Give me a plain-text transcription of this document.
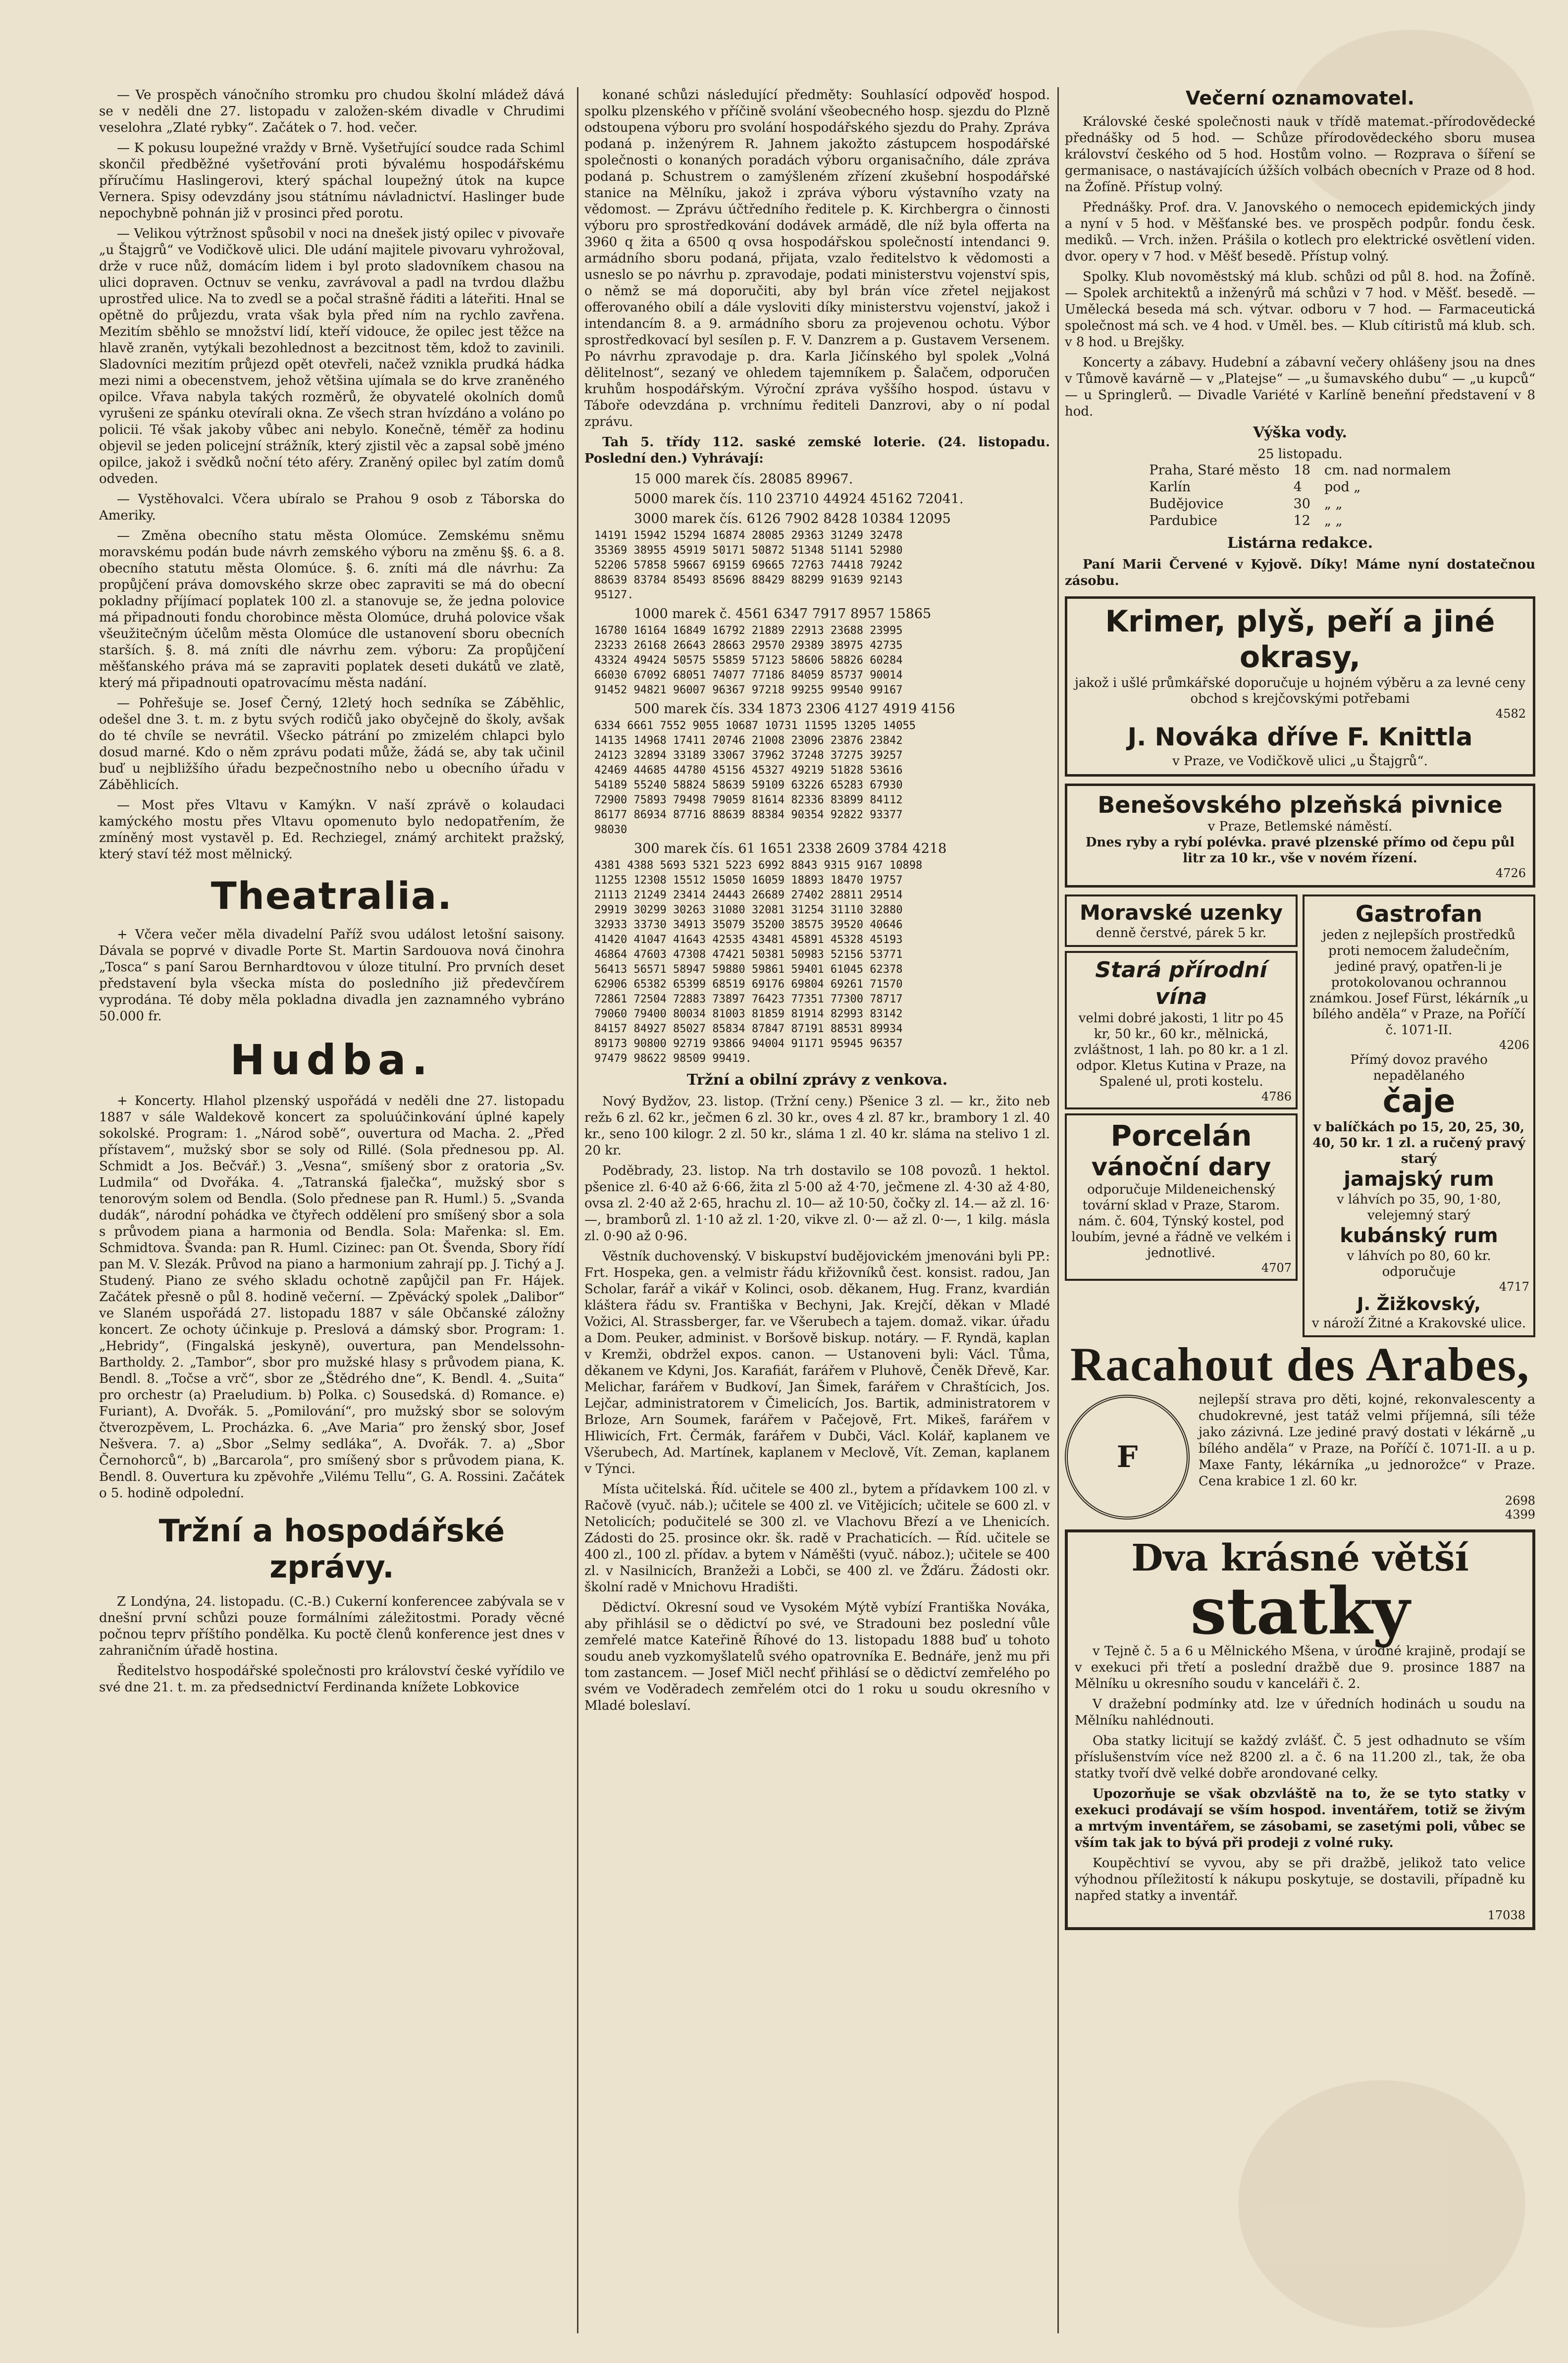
— Ve prospěch vánočního stromku pro chudou školní mládež dává se v neděli dne 27. listopadu v založen-ském divadle v Chrudimi veselohra „Zlaté rybky“. Začátek o 7. hod. večer.

— K pokusu loupežné vraždy v Brně. Vyšetřující soudce rada Schiml skončil předběžné vyšetřování proti bývalému hospodářskému příručímu Haslingerovi, který spáchal loupežný útok na kupce Vernera. Spisy odevzdány jsou státnímu návladnictví. Haslinger bude nepochybně pohnán již v prosinci před porotu.

— Velikou výtržnost spůsobil v noci na dnešek jistý opilec v pivovaře „u Štajgrů“ ve Vodičkově ulici. Dle udání majitele pivovaru vyhrožoval, drže v ruce nůž, domácím lidem i byl proto sladovníkem chasou na ulici dopraven. Octnuv se venku, zavrávoval a padl na tvrdou dlažbu uprostřed ulice. Na to zvedl se a počal strašně řáditi a láteřiti. Hnal se opětně do průjezdu, vrata však byla před ním na rychlo zavřena. Mezitím sběhlo se množství lidí, kteří vidouce, že opilec jest těžce na hlavě zraněn, vytýkali bezohlednost a bezcitnost těm, kdož to zavinili. Sladovníci mezitím průjezd opět otevřeli, načež vznikla prudká hádka mezi nimi a obecenstvem, jehož většina ujímala se do krve zraněného opilce. Vřava nabyla takých rozměrů, že obyvatelé okolních domů vyrušeni ze spánku otevírali okna. Ze všech stran hvízdáno a voláno po policii. Té však jakoby vůbec ani nebylo. Konečně, téměř za hodinu objevil se jeden policejní strážník, který zjistil věc a zapsal sobě jméno opilce, jakož i svědků noční této aféry. Zraněný opilec byl zatím domů odveden.

— Vystěhovalci. Včera ubíralo se Prahou 9 osob z Táborska do Ameriky.

— Změna obecního statu města Olomúce. Zemskému sněmu moravskému podán bude návrh zemského výboru na změnu §§. 6. a 8. obecního statutu města Olomúce. §. 6. zníti má dle návrhu: Za propůjčení práva domovského skrze obec zapraviti se má do obecní pokladny příjímací poplatek 100 zl. a stanovuje se, že jedna polovice má připadnouti fondu chorobince města Olomúce, druhá polovice však všeužitečným účelům města Olomúce dle ustanovení sboru obecních starších. §. 8. má zníti dle návrhu zem. výboru: Za propůjčení měšťanského práva má se zapraviti poplatek deseti dukátů ve zlatě, který má připadnouti opatrovacímu města nadání.

— Pohřešuje se. Josef Černý, 12letý hoch sedníka se Záběhlic, odešel dne 3. t. m. z bytu svých rodičů jako obyčejně do školy, avšak do té chvíle se nevrátil. Všecko pátrání po zmizelém chlapci bylo dosud marné. Kdo o něm zprávu podati může, žádá se, aby tak učinil buď u nejbližšího úřadu bezpečnostního nebo u obecního úřadu v Záběhlicích.

— Most přes Vltavu v Kamýkn. V naší zprávě o kolaudaci kamýckého mostu přes Vltavu opomenuto bylo nedopatřením, že zmíněný most vystavěl p. Ed. Rechziegel, známý architekt pražský, který staví též most mělnický.

Theatralia.

+ Včera večer měla divadelní Paříž svou událost letošní saisony. Dávala se poprvé v divadle Porte St. Martin Sardouova nová činohra „Tosca“ s paní Sarou Bernhardtovou v úloze titulní. Pro prvních deset představení byla všecka místa do posledního již předevčírem vyprodána. Té doby měla pokladna divadla jen zaznamného vybráno 50.000 fr.

Hudba.

+ Koncerty. Hlahol plzenský uspořádá v neděli dne 27. listopadu 1887 v sále Waldekově koncert za spoluúčinkování úplné kapely sokolské. Program: 1. „Národ sobě“, ouvertura od Macha. 2. „Před přístavem“, mužský sbor se soly od Rillé. (Sola přednesou pp. Al. Schmidt a Jos. Bečvář.) 3. „Vesna“, smíšený sbor z oratoria „Sv. Ludmila“ od Dvořáka. 4. „Tatranská fjalečka“, mužský sbor s tenorovým solem od Bendla. (Solo přednese pan R. Huml.) 5. „Svanda dudák“, národní pohádka ve čtyřech oddělení pro smíšený sbor a sola s průvodem piana a harmonia od Bendla. Sola: Mařenka: sl. Em. Schmidtova. Švanda: pan R. Huml. Cizinec: pan Ot. Švenda, Sbory řídí pan M. V. Slezák. Průvod na piano a harmonium zahrají pp. J. Tichý a J. Studený. Piano ze svého skladu ochotně zapůjčil pan Fr. Hájek. Začátek přesně o půl 8. hodině večerní. — Zpěvácký spolek „Dalibor“ ve Slaném uspořádá 27. listopadu 1887 v sále Občanské záložny koncert. Ze ochoty účinkuje p. Preslová a dámský sbor. Program: 1. „Hebridy“, (Fingalská jeskyně), ouvertura, pan Mendelssohn-Bartholdy. 2. „Tambor“, sbor pro mužské hlasy s průvodem piana, K. Bendl. 8. „Točse a vrč“, sbor ze „Štědrého dne“, K. Bendl. 4. „Suita“ pro orchestr (a) Praeludium. b) Polka. c) Sousedská. d) Romance. e) Furiant), A. Dvořák. 5. „Pomilování“, pro mužský sbor se solovým čtverozpěvem, L. Procházka. 6. „Ave Maria“ pro ženský sbor, Josef Nešvera. 7. a) „Sbor „Selmy sedlákа“, A. Dvořák. 7. a) „Sbor Černohorců“, b) „Barcarola“, pro smíšený sbor s průvodem piana, K. Bendl. 8. Ouvertura ku zpěvohře „Vilému Tellu“, G. A. Rossini. Začátek o 5. hodině odpolední.

Tržní a hospodářské zprávy.

Z Londýna, 24. listopadu. (C.-B.) Cukerní konferencee zabývala se v dnešní první schůzi pouze formálními záležitostmi. Porady věcné počnou teprv příštího pondělka. Ku poctě členů konference jest dnes v zahraničním úřadě hostina.

Ředitelstvo hospodářské společnosti pro království české vyřídilo ve své dne 21. t. m. za předsednictví Ferdinanda knížete Lobkovice

konané schůzi následující předměty: Souhlasící odpověď hospod. spolku plzenského v příčině svolání všeobecného hosp. sjezdu do Plzně odstoupena výboru pro svolání hospodářského sjezdu do Prahy. Zpráva podaná p. inženýrem R. Jahnem jakožto zástupcem hospodářské společnosti o konaných poradách výboru organisačního, dále zpráva podaná p. Schustrem o zamýšleném zřízení zkušební hospodářské stanice na Mělníku, jakož i zpráva výboru výstavního vzaty na vědomost. — Zprávu účtředního ředitele p. K. Kirchbergra o činnosti výboru pro sprostředkování dodávek armádě, dle níž byla offerta na 3960 q žita a 6500 q ovsa hospodářskou společností intendanci 9. armádního sboru podaná, přijata, vzalo ředitelstvo k vědomosti a usneslo se po návrhu p. zpravodaje, podati ministerstvu vojenství spis, o němž se má doporučiti, aby byl brán více zřetel nejjakost offerovaného obilí a dále vysloviti díky ministerstvu vojenství, jakož i intendancím 8. a 9. armádního sboru za projevenou ochotu. Výbor sprostředkovací byl sesílen p. F. V. Danzrem a p. Gustavem Versenem. Po návrhu zpravodaje p. dra. Karla Jičínského byl spolek „Volná dělitelnost“, sezaný ve ohledem tajemníkem p. Šalačem, odporučen kruhům hospodářským. Výroční zpráva vyššího hospod. ústavu v Táboře odevzdána p. vrchnímu řediteli Danzrovi, aby o ní podal zprávu.

Tah 5. třídy 112. saské zemské loterie. (24. listopadu. Poslední den.) Vyhrávají:

15 000 marek čís. 28085 89967.
5000 marek čís. 110 23710 44924 45162 72041.
3000 marek čís. 6126 7902 8428 10384 12095
14191 15942 15294 16874 28085 29363 31249 32478
35369 38955 45919 50171 50872 51348 51141 52980
52206 57858 59667 69159 69665 72763 74418 79242
88639 83784 85493 85696 88429 88299 91639 92143
95127.
1000 marek č. 4561 6347 7917 8957 15865
16780 16164 16849 16792 21889 22913 23688 23995
23233 26168 26643 28663 29570 29389 38975 42735
43324 49424 50575 55859 57123 58606 58826 60284
66030 67092 68051 74077 77186 84059 85737 90014
91452 94821 96007 96367 97218 99255 99540 99167
500 marek čís. 334 1873 2306 4127 4919 4156
6334 6661 7552 9055 10687 10731 11595 13205 14055
14135 14968 17411 20746 21008 23096 23876 23842
24123 32894 33189 33067 37962 37248 37275 39257
42469 44685 44780 45156 45327 49219 51828 53616
54189 55240 58824 58639 59109 63226 65283 67930
72900 75893 79498 79059 81614 82336 83899 84112
86177 86934 87716 88639 88384 90354 92822 93377
98030
300 marek čís. 61 1651 2338 2609 3784 4218
4381 4388 5693 5321 5223 6992 8843 9315 9167 10898
11255 12308 15512 15050 16059 18893 18470 19757
21113 21249 23414 24443 26689 27402 28811 29514
29919 30299 30263 31080 32081 31254 31110 32880
32933 33730 34913 35079 35200 38575 39520 40646
41420 41047 41643 42535 43481 45891 45328 45193
46864 47603 47308 47421 50381 50983 52156 53771
56413 56571 58947 59880 59861 59401 61045 62378
62906 65382 65399 68519 69176 69804 69261 71570
72861 72504 72883 73897 76423 77351 77300 78717
79060 79400 80034 81003 81859 81914 82993 83142
84157 84927 85027 85834 87847 87191 88531 89934
89173 90800 92719 93866 94004 91171 95945 96357
97479 98622 98509 99419.
Tržní a obilní zprávy z venkova.

Nový Bydžov, 23. listop. (Tržní ceny.) Pšenice 3 zl. — kr., žito neb režь 6 zl. 62 kr., ječmen 6 zl. 30 kr., oves 4 zl. 87 kr., brambory 1 zl. 40 kr., seno 100 kilogr. 2 zl. 50 kr., sláma 1 zl. 40 kr. sláma na stelivo 1 zl. 20 kr.

Poděbrady, 23. listop. Na trh dostavilo se 108 povozů. 1 hektol. pšenice zl. 6·40 až 6·66, žita zl 5·00 až 4·70, ječmene zl. 4·30 až 4·80, ovsa zl. 2·40 až 2·65, hrachu zl. 10— až 10·50, čočky zl. 14.— až zl. 16·—, bramborů zl. 1·10 až zl. 1·20, vikve zl. 0·— až zl. 0·—, 1 kilg. másla zl. 0·90 až 0·96.

Věstník duchovenský. V biskupství budějovickém jmenováni byli PP.: Frt. Hospeka, gen. a velmistr řádu křižovníků čest. konsist. radou, Jan Scholar, farář a vikář v Kolinci, osob. děkanem, Hug. Franz, kvardián kláštera řádu sv. Františka v Bechyni, Jak. Krejčí, děkan v Mladé Vožici, Al. Strassberger, far. ve Všerubech a tajem. domaž. vikar. úřadu a Dom. Peuker, administ. v Boršově biskup. notáry. — F. Ryndä, kaplan v Kremži, obdržel expos. canon. — Ustanoveni byli: Václ. Tůma, děkanem ve Kdyni, Jos. Karafiát, farářem v Pluhově, Čeněk Dřevě, Kar. Melichar, farářem v Budkoví, Jan Šimek, farářem v Chraštícich, Jos. Lejčar, administratorem v Čimelicích, Jos. Bartik, administratorem v Brloze, Arn Soumek, farářem v Pačejově, Frt. Mikeš, farářem v Hliwicích, Frt. Čermák, farářem v Dubči, Václ. Kolář, kaplanem ve Všerubech, Ad. Martínek, kaplanem v Meclově, Vít. Zeman, kaplanem v Týnci.

Místa učitelská. Říd. učitele se 400 zl., bytem a přídavkem 100 zl. v Račově (vyuč. náb.); učitele se 400 zl. ve Vitějicích; učitele se 600 zl. v Netolicích; podučitelé se 300 zl. ve Vlachovu Březí a ve Lhenicích. Zádosti do 25. prosince okr. šk. radě v Prachaticích. — Říd. učitele se 400 zl., 100 zl. přídav. a bytem v Náměšti (vyuč. náboz.); učitele se 400 zl. v Nasilnicích, Branžeži a Lobči, se 400 zl. ve Žďáru. Žádosti okr. školní radě v Mnichovu Hradišti.

Dědictví. Okresní soud ve Vysokém Mýtě vybízí Františka Nováka, aby přihlásil se o dědictví po své, ve Stradouni bez poslední vůle zemřelé matce Kateřině Říhové do 13. listopadu 1888 buď u tohoto soudu aneb vyzkomyšlatelů svého opatrovníka E. Bednáře, jenž mu při tom zastancem. — Josef Mičl nechť přihlásí se o dědictví zemřelého po svém ve Voděradech zemřelém otci do 1 roku u soudu okresního v Mladé boleslaví.

Večerní oznamovatel.

Královské české společnosti nauk v třídě matemat.-přírodovědecké přednášky od 5 hod. — Schůze přírodovědeckého sboru musea království českého od 5 hod. Hostům volno. — Rozprava o šíření se germanisace, o nastávajících úžších volbách obecních v Praze od 8 hod. na Žofíně. Přístup volný.

Přednášky. Prof. dra. V. Janovského o nemocech epidemických jindy a nyní v 5 hod. v Měšťanské bes. ve prospěch podpůr. fondu česk. mediků. — Vrch. inžen. Prášila o kotlech pro elektrické osvětlení viden. dvor. opery v 7 hod. v Měšť besedě. Přístup volný.

Spolky. Klub novoměstský má klub. schůzi od půl 8. hod. na Žofíně. — Spolek architektů a inženýrů má schůzi v 7 hod. v Měšť. besedě. — Umělecká beseda má sch. výtvar. odboru v 7 hod. — Farmaceutická společnost má sch. ve 4 hod. v Uměl. bes. — Klub cítiristů má klub. sch. v 8 hod. u Brejšky.

Koncerty a zábavy. Hudební a zábavní večery ohlášeny jsou na dnes v Tůmově kavárně — v „Platejse“ — „u šumavského dubu“ — „u kupců“ — u Springlerů. — Divadle Variété v Karlíně beneňní představení v 8 hod.

Výška vody.
25 listopadu.
Praha, Staré město	18	cm. nad normalem
Karlín	4	pod „
Budějovice	30	„ „
Pardubice	12	„ „
Listárna redakce.

Paní Marii Červené v Kyjově. Díky! Máme nyní dostatečnou zásobu.

Krimer, plyš, peří a jiné okrasy,
jakož i ušlé průmkářské doporučuje u hojném výběru a za levné ceny obchod s krejčovskými potřebami
4582
J. Nováka dříve F. Knittla
v Praze, ve Vodičkově ulici „u Štajgrů“.
Benešovského plzeňská pivnice
v Praze, Betlemské náměstí.
Dnes ryby a rybí polévka. pravé plzenské přímo od čepu půl litr za 10 kr., vše v novém řízení.
4726
Moravské uzenky
denně čerstvé, párek 5 kr.
Stará přírodní vína
velmi dobré jakosti, 1 litr po 45 kr, 50 kr., 60 kr., mělnická, zvláštnost, 1 lah. po 80 kr. a 1 zl. odpor. Kletus Kutina v Praze, na Spalené ul, proti kostelu.
4786
Porcelán
vánoční dary
odporučuje Mildeneichenský tovární sklad v Praze, Starom. nám. č. 604, Týnský kostel, pod loubím, jevné a řádně ve velkém i jednotlivé.
4707
Gastrofan
jeden z nejlepších prostředků proti nemocem žaludečním, jediné pravý, opatřen-li je protokolovanou ochrannou známkou. Josef Fürst, lékárník „u bílého anděla“ v Praze, na Poříčí č. 1071-II.
4206
Přímý dovoz pravého nepadělaného
čaje
v balíčkách po 15, 20, 25, 30, 40, 50 kr. 1 zl. a ručený pravý starý
jamajský rum
v láhvích po 35, 90, 1·80, velejemný starý
kubánský rum
v láhvích po 80, 60 kr. odporučuje
4717
J. Žižkovský,
v nároží Žitné a Krakovské ulice.
Racahout des Arabes,
F

nejlepší strava pro děti, kojné, rekonvalescenty a chudokrevné, jest tatáž velmi příjemná, síli téže jako zázivná. Lze jediné pravý dostati v lékárně „u bílého anděla“ v Praze, na Poříčí č. 1071-II. a u p. Maxe Fanty, lékárníka „u jednorožce“ v Praze. Cena krabice 1 zl. 60 kr.

2698
4399
Dva krásné větší
statky

v Tejně č. 5 a 6 u Mělnického Mšena, v úrodné krajině, prodají se v exekuci při třetí a poslední dražbě due 9. prosince 1887 na Mělníku u okresního soudu v kanceláři č. 2.

V dražební podmínky atd. lze v úředních hodinách u soudu na Mělníku nahlédnouti.

Oba statky licitují se každý zvlášť. Č. 5 jest odhadnuto se vším příslušenstvím více než 8200 zl. a č. 6 na 11.200 zl., tak, že oba statky tvoří dvě velké dobře arondované celky.

Upozorňuje se však obzvláště na to, že se tyto statky v exekuci prodávají se vším hospod. inventářem, totiž se živým a mrtvým inventářem, se zásobami, se zasetými poli, vůbec se vším tak jak to bývá při prodeji z volné ruky.

Koupěchtiví se vyvou, aby se při dražbě, jelikož tato velice výhodnou příležitostí k nákupu poskytuje, se dostavili, případně ku napřed statky a inventář.

17038
